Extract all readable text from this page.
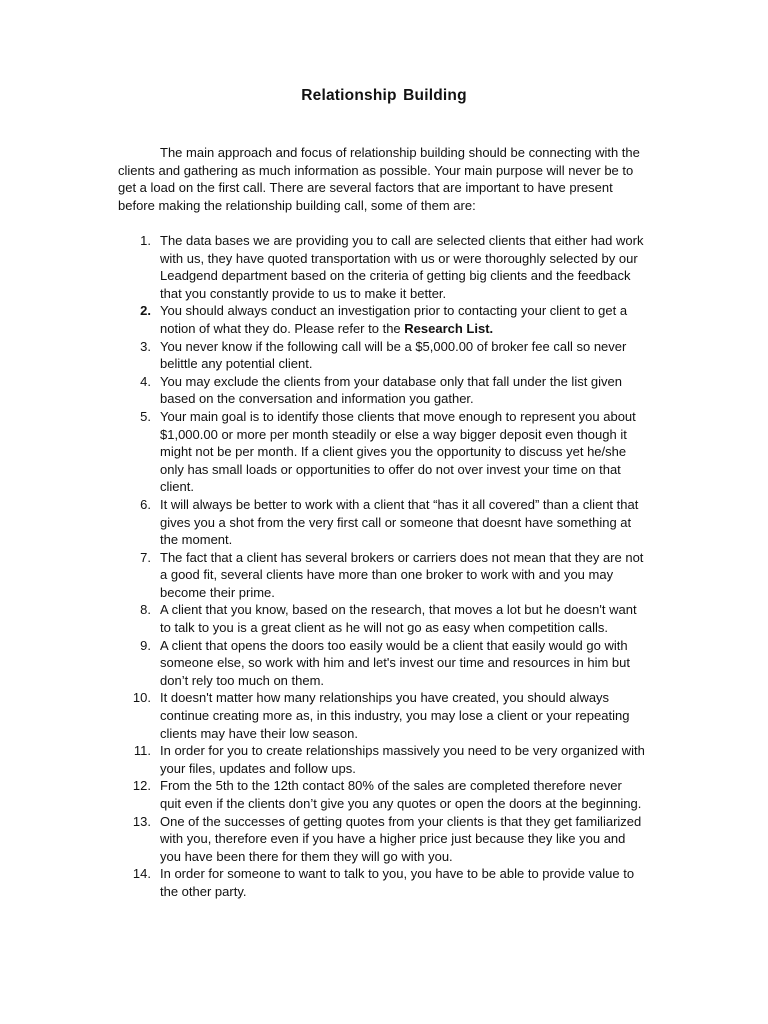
Relationship Building

The main approach and focus of relationship building should be connecting with the clients and gathering as much information as possible. Your main purpose will never be to get a load on the first call. There are several factors that are important to have present before making the relationship building call, some of them are:

1. The data bases we are providing you to call are selected clients that either had work with us, they have quoted transportation with us or were thoroughly selected by our Leadgend department based on the criteria of getting big clients and the feedback that you constantly provide to us to make it better.
2. You should always conduct an investigation prior to contacting your client to get a notion of what they do. Please refer to the Research List.
3. You never know if the following call will be a $5,000.00 of broker fee call so never belittle any potential client.
4. You may exclude the clients from your database only that fall under the list given based on the conversation and information you gather.
5. Your main goal is to identify those clients that move enough to represent you about $1,000.00 or more per month steadily or else a way bigger deposit even though it might not be per month. If a client gives you the opportunity to discuss yet he/she only has small loads or opportunities to offer do not over invest your time on that client.
6. It will always be better to work with a client that “has it all covered” than a client that gives you a shot from the very first call or someone that doesnt have something at the moment.
7. The fact that a client has several brokers or carriers does not mean that they are not a good fit, several clients have more than one broker to work with and you may become their prime.
8. A client that you know, based on the research, that moves a lot but he doesn't want to talk to you is a great client as he will not go as easy when competition calls.
9. A client that opens the doors too easily would be a client that easily would go with someone else, so work with him and let's invest our time and resources in him but don’t rely too much on them.
10. It doesn't matter how many relationships you have created, you should always continue creating more as, in this industry, you may lose a client or your repeating clients may have their low season.
11. In order for you to create relationships massively you need to be very organized with your files, updates and follow ups.
12. From the 5th to the 12th contact 80% of the sales are completed therefore never quit even if the clients don’t give you any quotes or open the doors at the beginning.
13. One of the successes of getting quotes from your clients is that they get familiarized with you, therefore even if you have a higher price just because they like you and you have been there for them they will go with you.
14. In order for someone to want to talk to you, you have to be able to provide value to the other party.
